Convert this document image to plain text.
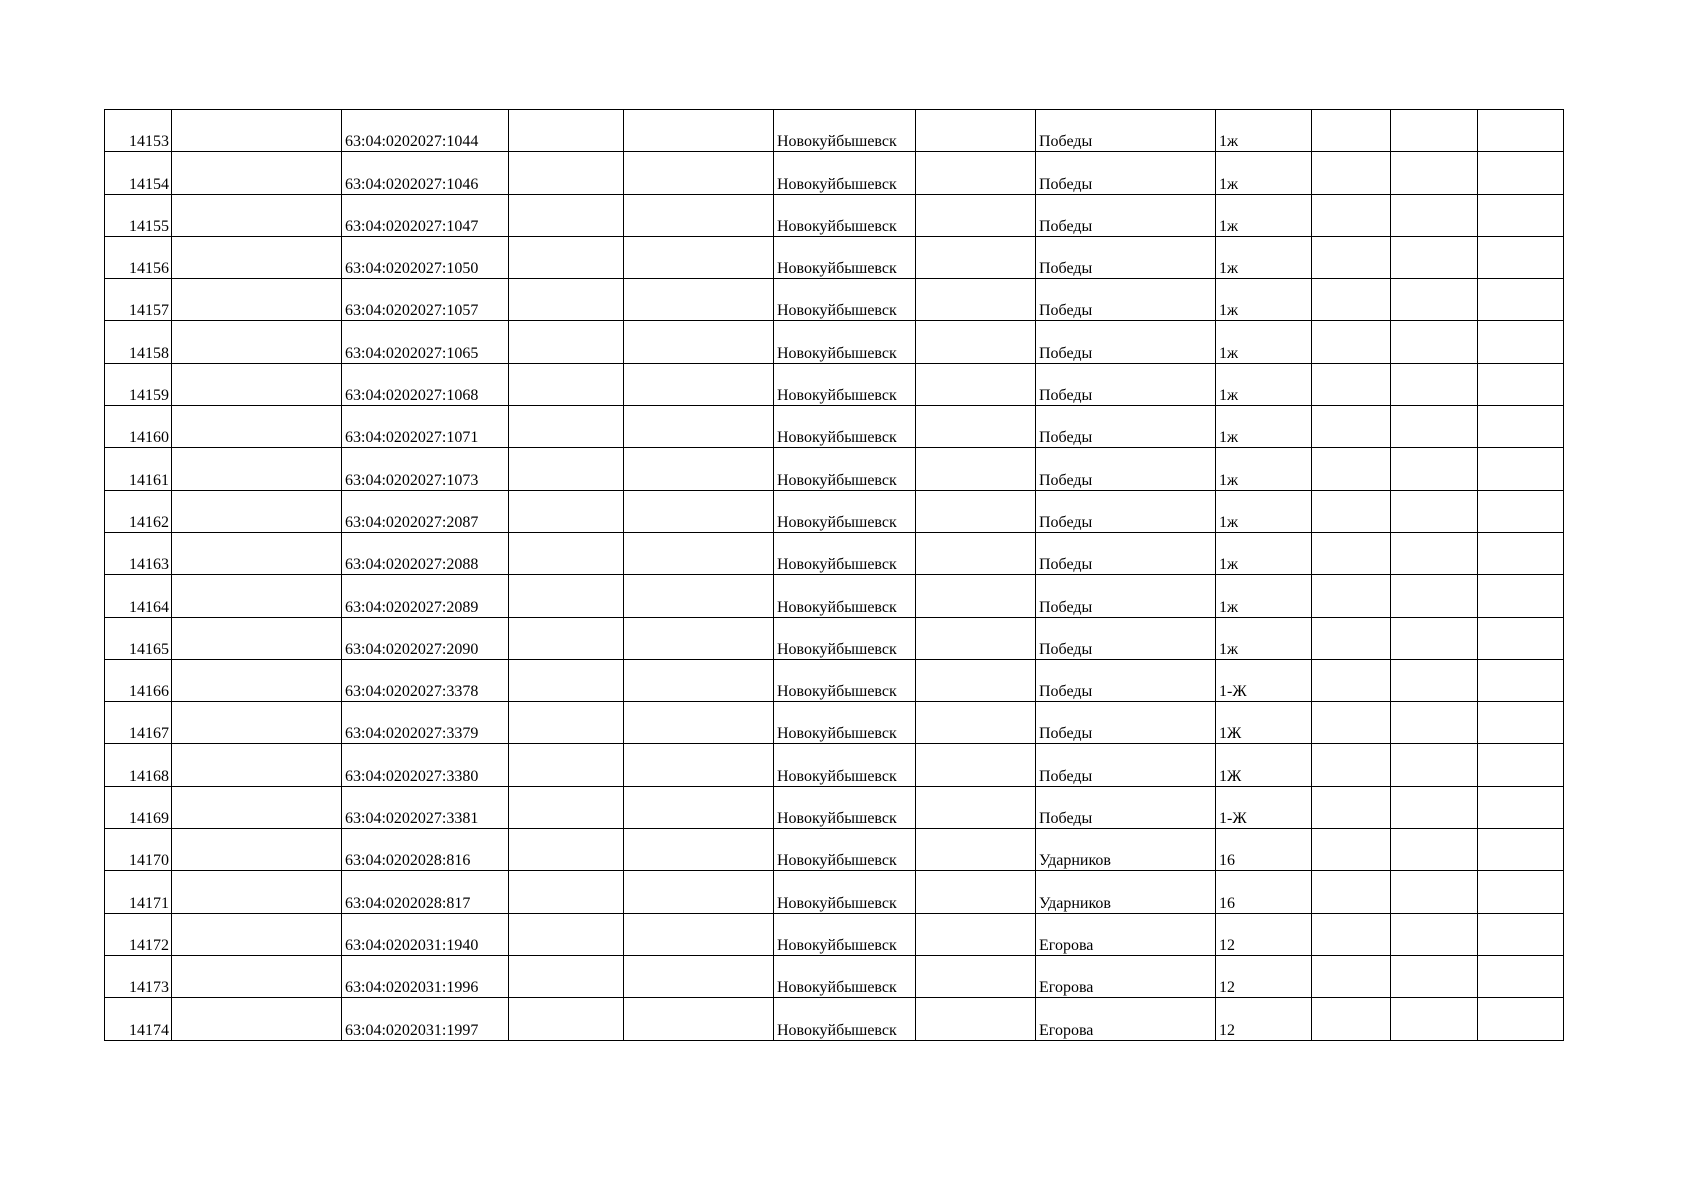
14153		63:04:0202027:1044			Новокуйбышевск		Победы	1ж			
14154		63:04:0202027:1046			Новокуйбышевск		Победы	1ж			
14155		63:04:0202027:1047			Новокуйбышевск		Победы	1ж			
14156		63:04:0202027:1050			Новокуйбышевск		Победы	1ж			
14157		63:04:0202027:1057			Новокуйбышевск		Победы	1ж			
14158		63:04:0202027:1065			Новокуйбышевск		Победы	1ж			
14159		63:04:0202027:1068			Новокуйбышевск		Победы	1ж			
14160		63:04:0202027:1071			Новокуйбышевск		Победы	1ж			
14161		63:04:0202027:1073			Новокуйбышевск		Победы	1ж			
14162		63:04:0202027:2087			Новокуйбышевск		Победы	1ж			
14163		63:04:0202027:2088			Новокуйбышевск		Победы	1ж			
14164		63:04:0202027:2089			Новокуйбышевск		Победы	1ж			
14165		63:04:0202027:2090			Новокуйбышевск		Победы	1ж			
14166		63:04:0202027:3378			Новокуйбышевск		Победы	1-Ж			
14167		63:04:0202027:3379			Новокуйбышевск		Победы	1Ж			
14168		63:04:0202027:3380			Новокуйбышевск		Победы	1Ж			
14169		63:04:0202027:3381			Новокуйбышевск		Победы	1-Ж			
14170		63:04:0202028:816			Новокуйбышевск		Ударников	16			
14171		63:04:0202028:817			Новокуйбышевск		Ударников	16			
14172		63:04:0202031:1940			Новокуйбышевск		Егорова	12			
14173		63:04:0202031:1996			Новокуйбышевск		Егорова	12			
14174		63:04:0202031:1997			Новокуйбышевск		Егорова	12			
